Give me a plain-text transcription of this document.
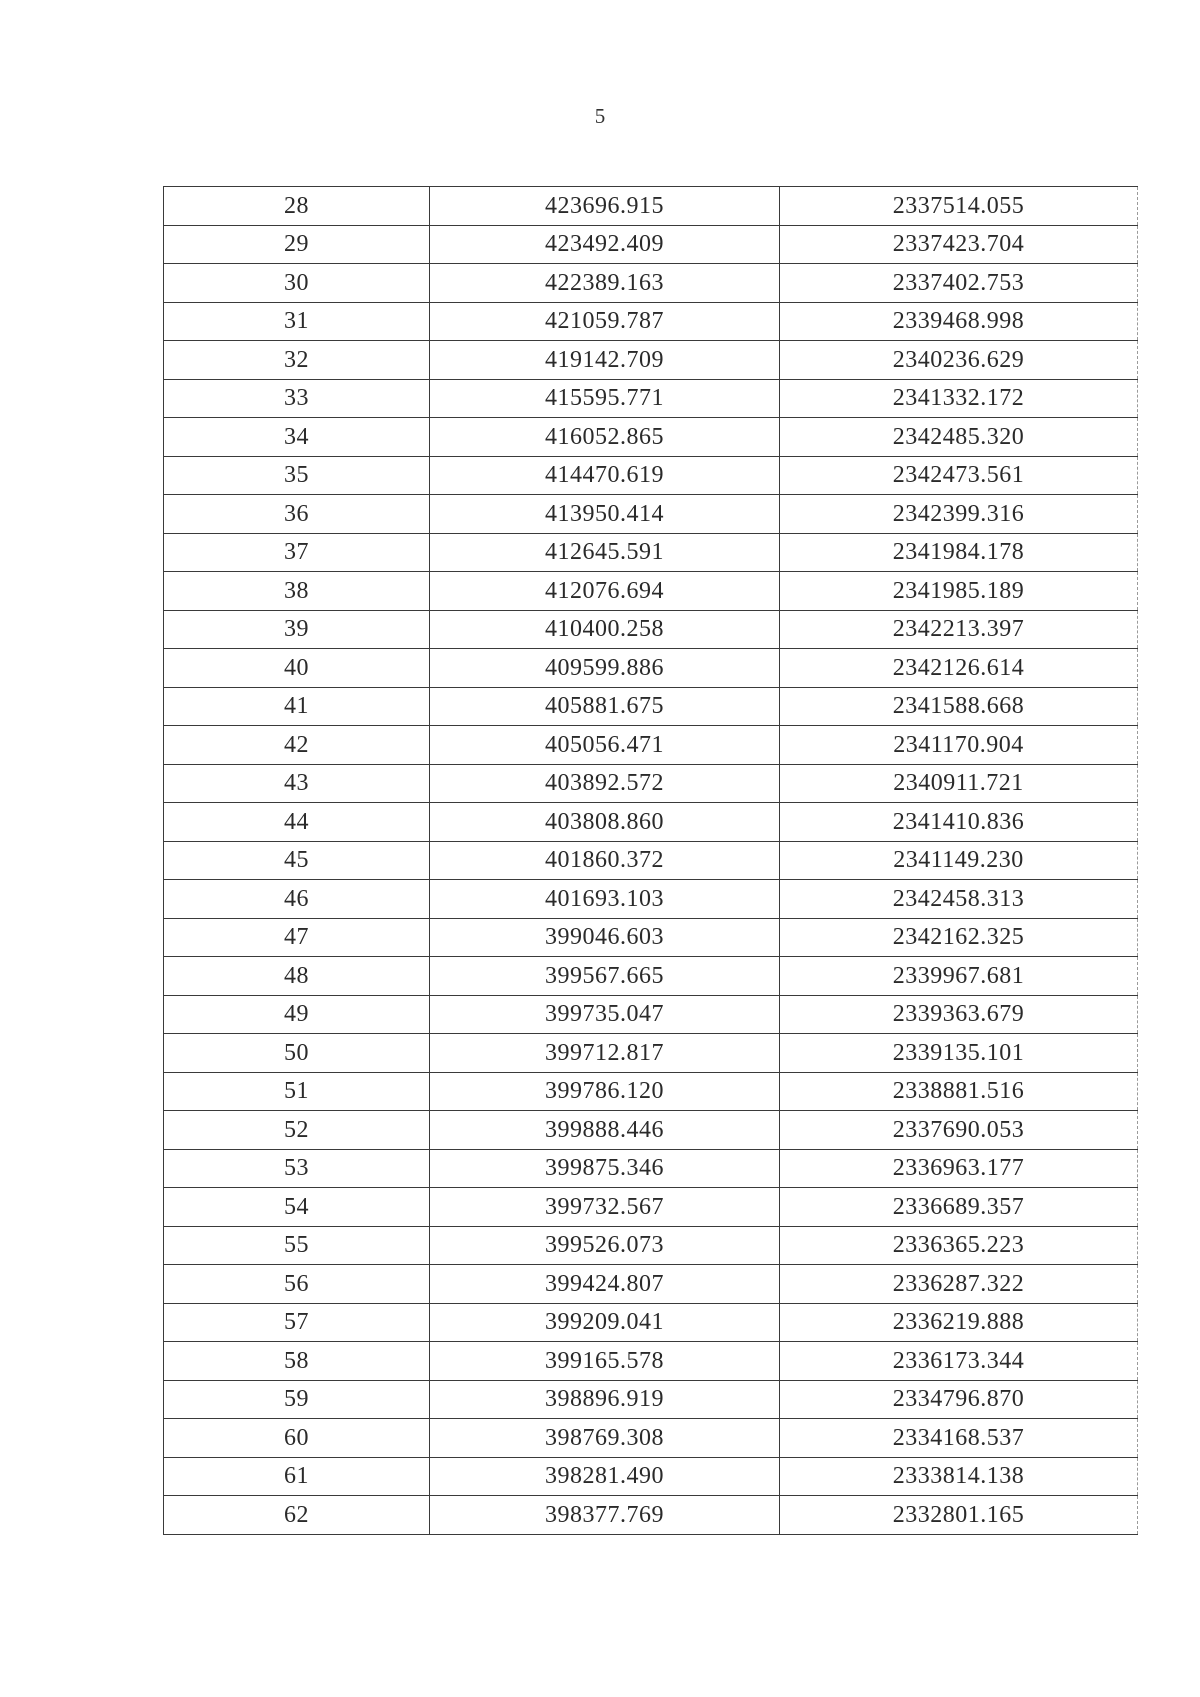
5
28	423696.915	2337514.055
29	423492.409	2337423.704
30	422389.163	2337402.753
31	421059.787	2339468.998
32	419142.709	2340236.629
33	415595.771	2341332.172
34	416052.865	2342485.320
35	414470.619	2342473.561
36	413950.414	2342399.316
37	412645.591	2341984.178
38	412076.694	2341985.189
39	410400.258	2342213.397
40	409599.886	2342126.614
41	405881.675	2341588.668
42	405056.471	2341170.904
43	403892.572	2340911.721
44	403808.860	2341410.836
45	401860.372	2341149.230
46	401693.103	2342458.313
47	399046.603	2342162.325
48	399567.665	2339967.681
49	399735.047	2339363.679
50	399712.817	2339135.101
51	399786.120	2338881.516
52	399888.446	2337690.053
53	399875.346	2336963.177
54	399732.567	2336689.357
55	399526.073	2336365.223
56	399424.807	2336287.322
57	399209.041	2336219.888
58	399165.578	2336173.344
59	398896.919	2334796.870
60	398769.308	2334168.537
61	398281.490	2333814.138
62	398377.769	2332801.165
